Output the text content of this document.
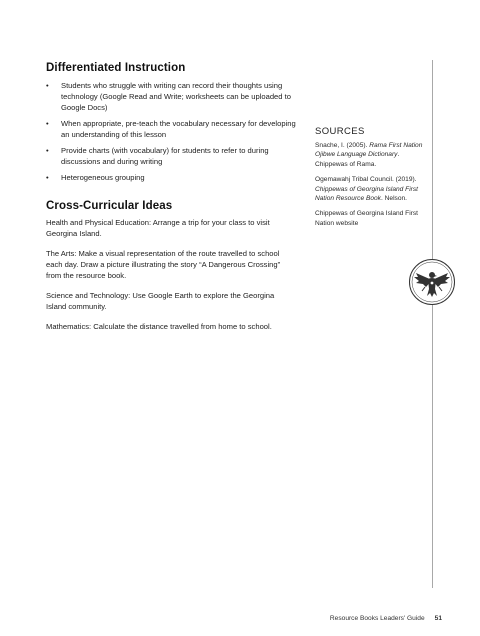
Differentiated Instruction
• Students who struggle with writing can record their thoughts using technology (Google Read and Write; worksheets can be uploaded to Google Docs)
• When appropriate, pre-teach the vocabulary necessary for developing an understanding of this lesson
• Provide charts (with vocabulary) for students to refer to during discussions and during writing
• Heterogeneous grouping
Cross-Curricular Ideas

Health and Physical Education: Arrange a trip for your class to visit Georgina Island.

The Arts: Make a visual representation of the route travelled to school each day. Draw a picture illustrating the story “A Dangerous Crossing” from the resource book.

Science and Technology: Use Google Earth to explore the Georgina Island community.

Mathematics: Calculate the distance travelled from home to school.

SOURCES

Snache, I. (2005). Rama First Nation Ojibwe Language Dictionary. Chippewas of Rama.

Ogemawahj Tribal Council. (2019). Chippewas of Georgina Island First Nation Resource Book. Nelson.

Chippewas of Georgina Island First Nation website

Resource Books Leaders' Guide 51
